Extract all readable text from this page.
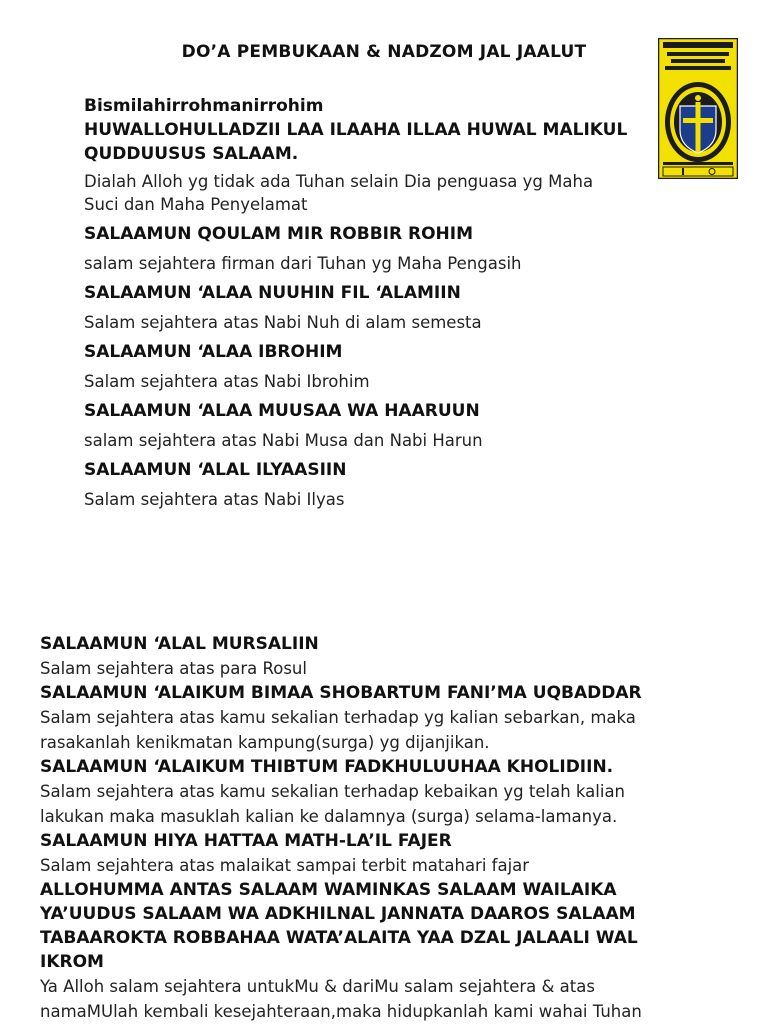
DO’A PEMBUKAAN & NADZOM JAL JAALUT
Bismilahirrohmanirrohim
HUWALLOHULLADZII LAA ILAAHA ILLAA HUWAL MALIKUL
QUDDUUSUS SALAAM.
Dialah Alloh yg tidak ada Tuhan selain Dia penguasa yg Maha
Suci dan Maha Penyelamat
SALAAMUN QOULAM MIR ROBBIR ROHIM
salam sejahtera firman dari Tuhan yg Maha Pengasih
SALAAMUN ‘ALAA NUUHIN FIL ‘ALAMIIN
Salam sejahtera atas Nabi Nuh di alam semesta
SALAAMUN ‘ALAA IBROHIM
Salam sejahtera atas Nabi Ibrohim
SALAAMUN ‘ALAA MUUSAA WA HAARUUN
salam sejahtera atas Nabi Musa dan Nabi Harun
SALAAMUN ‘ALAL ILYAASIIN
Salam sejahtera atas Nabi Ilyas
SALAAMUN ‘ALAL MURSALIIN
Salam sejahtera atas para Rosul
SALAAMUN ‘ALAIKUM BIMAA SHOBARTUM FANI’MA UQBADDAR
Salam sejahtera atas kamu sekalian terhadap yg kalian sebarkan, maka
rasakanlah kenikmatan kampung(surga) yg dijanjikan.
SALAAMUN ‘ALAIKUM THIBTUM FADKHULUUHAA KHOLIDIIN.
Salam sejahtera atas kamu sekalian terhadap kebaikan yg telah kalian
lakukan maka masuklah kalian ke dalamnya (surga) selama-lamanya.
SALAAMUN HIYA HATTAA MATH-LA’IL FAJER
Salam sejahtera atas malaikat sampai terbit matahari fajar
ALLOHUMMA ANTAS SALAAM WAMINKAS SALAAM WAILAIKA
YA’UUDUS SALAAM WA ADKHILNAL JANNATA DAAROS SALAAM
TABAAROKTA ROBBAHAA WATA’ALAITA YAA DZAL JALAALI WAL
IKROM
Ya Alloh salam sejahtera untukMu & dariMu salam sejahtera & atas
namaMUlah kembali kesejahteraan,maka hidupkanlah kami wahai Tuhan
